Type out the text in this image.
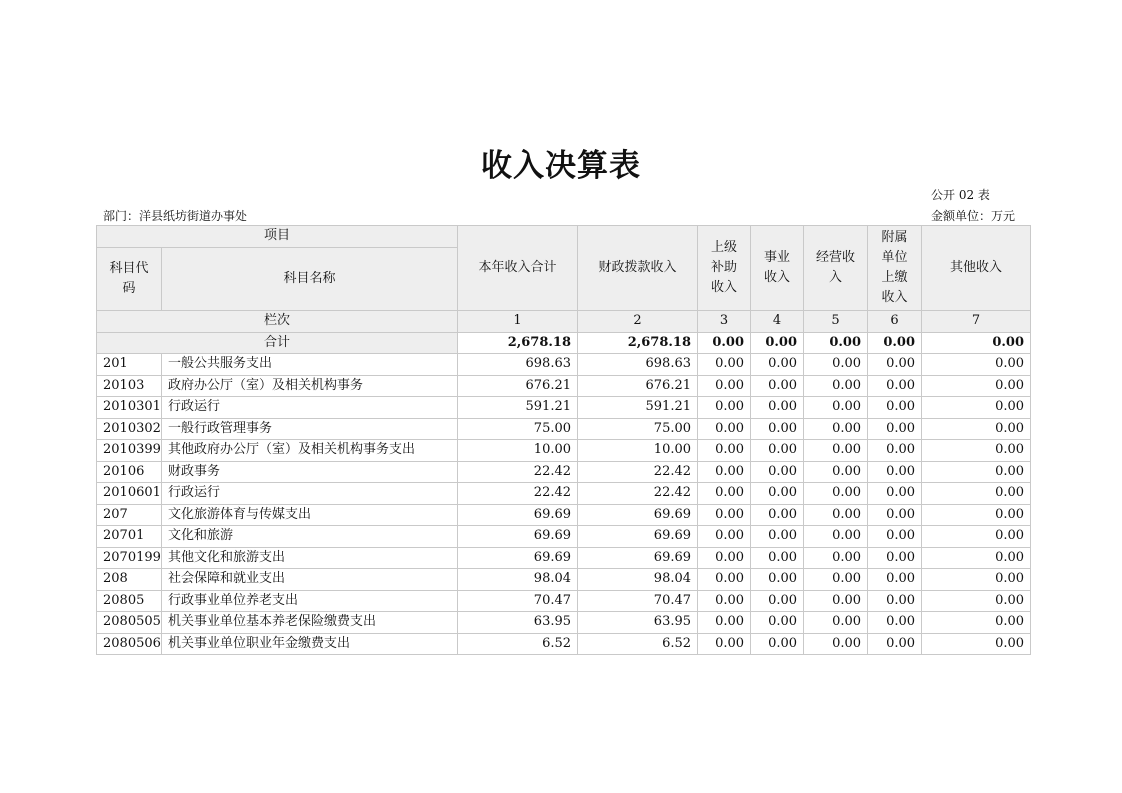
收入决算表
公开 02 表
部门：洋县纸坊街道办事处	金额单位：万元
项目		本年收入合计	财政拨款收入	上级补助收入	事业收入	经营收入	附属单位上缴收入	其他收入
科目代码	科目名称							
栏次		1	2	3	4	5	6	7
合计		2,678.18	2,678.18	0.00	0.00	0.00	0.00	0.00
201	一般公共服务支出	698.63	698.63	0.00	0.00	0.00	0.00	0.00
20103	政府办公厅（室）及相关机构事务	676.21	676.21	0.00	0.00	0.00	0.00	0.00
2010301	行政运行	591.21	591.21	0.00	0.00	0.00	0.00	0.00
2010302	一般行政管理事务	75.00	75.00	0.00	0.00	0.00	0.00	0.00
2010399	其他政府办公厅（室）及相关机构事务支出	10.00	10.00	0.00	0.00	0.00	0.00	0.00
20106	财政事务	22.42	22.42	0.00	0.00	0.00	0.00	0.00
2010601	行政运行	22.42	22.42	0.00	0.00	0.00	0.00	0.00
207	文化旅游体育与传媒支出	69.69	69.69	0.00	0.00	0.00	0.00	0.00
20701	文化和旅游	69.69	69.69	0.00	0.00	0.00	0.00	0.00
2070199	其他文化和旅游支出	69.69	69.69	0.00	0.00	0.00	0.00	0.00
208	社会保障和就业支出	98.04	98.04	0.00	0.00	0.00	0.00	0.00
20805	行政事业单位养老支出	70.47	70.47	0.00	0.00	0.00	0.00	0.00
2080505	机关事业单位基本养老保险缴费支出	63.95	63.95	0.00	0.00	0.00	0.00	0.00
2080506	机关事业单位职业年金缴费支出	6.52	6.52	0.00	0.00	0.00	0.00	0.00
